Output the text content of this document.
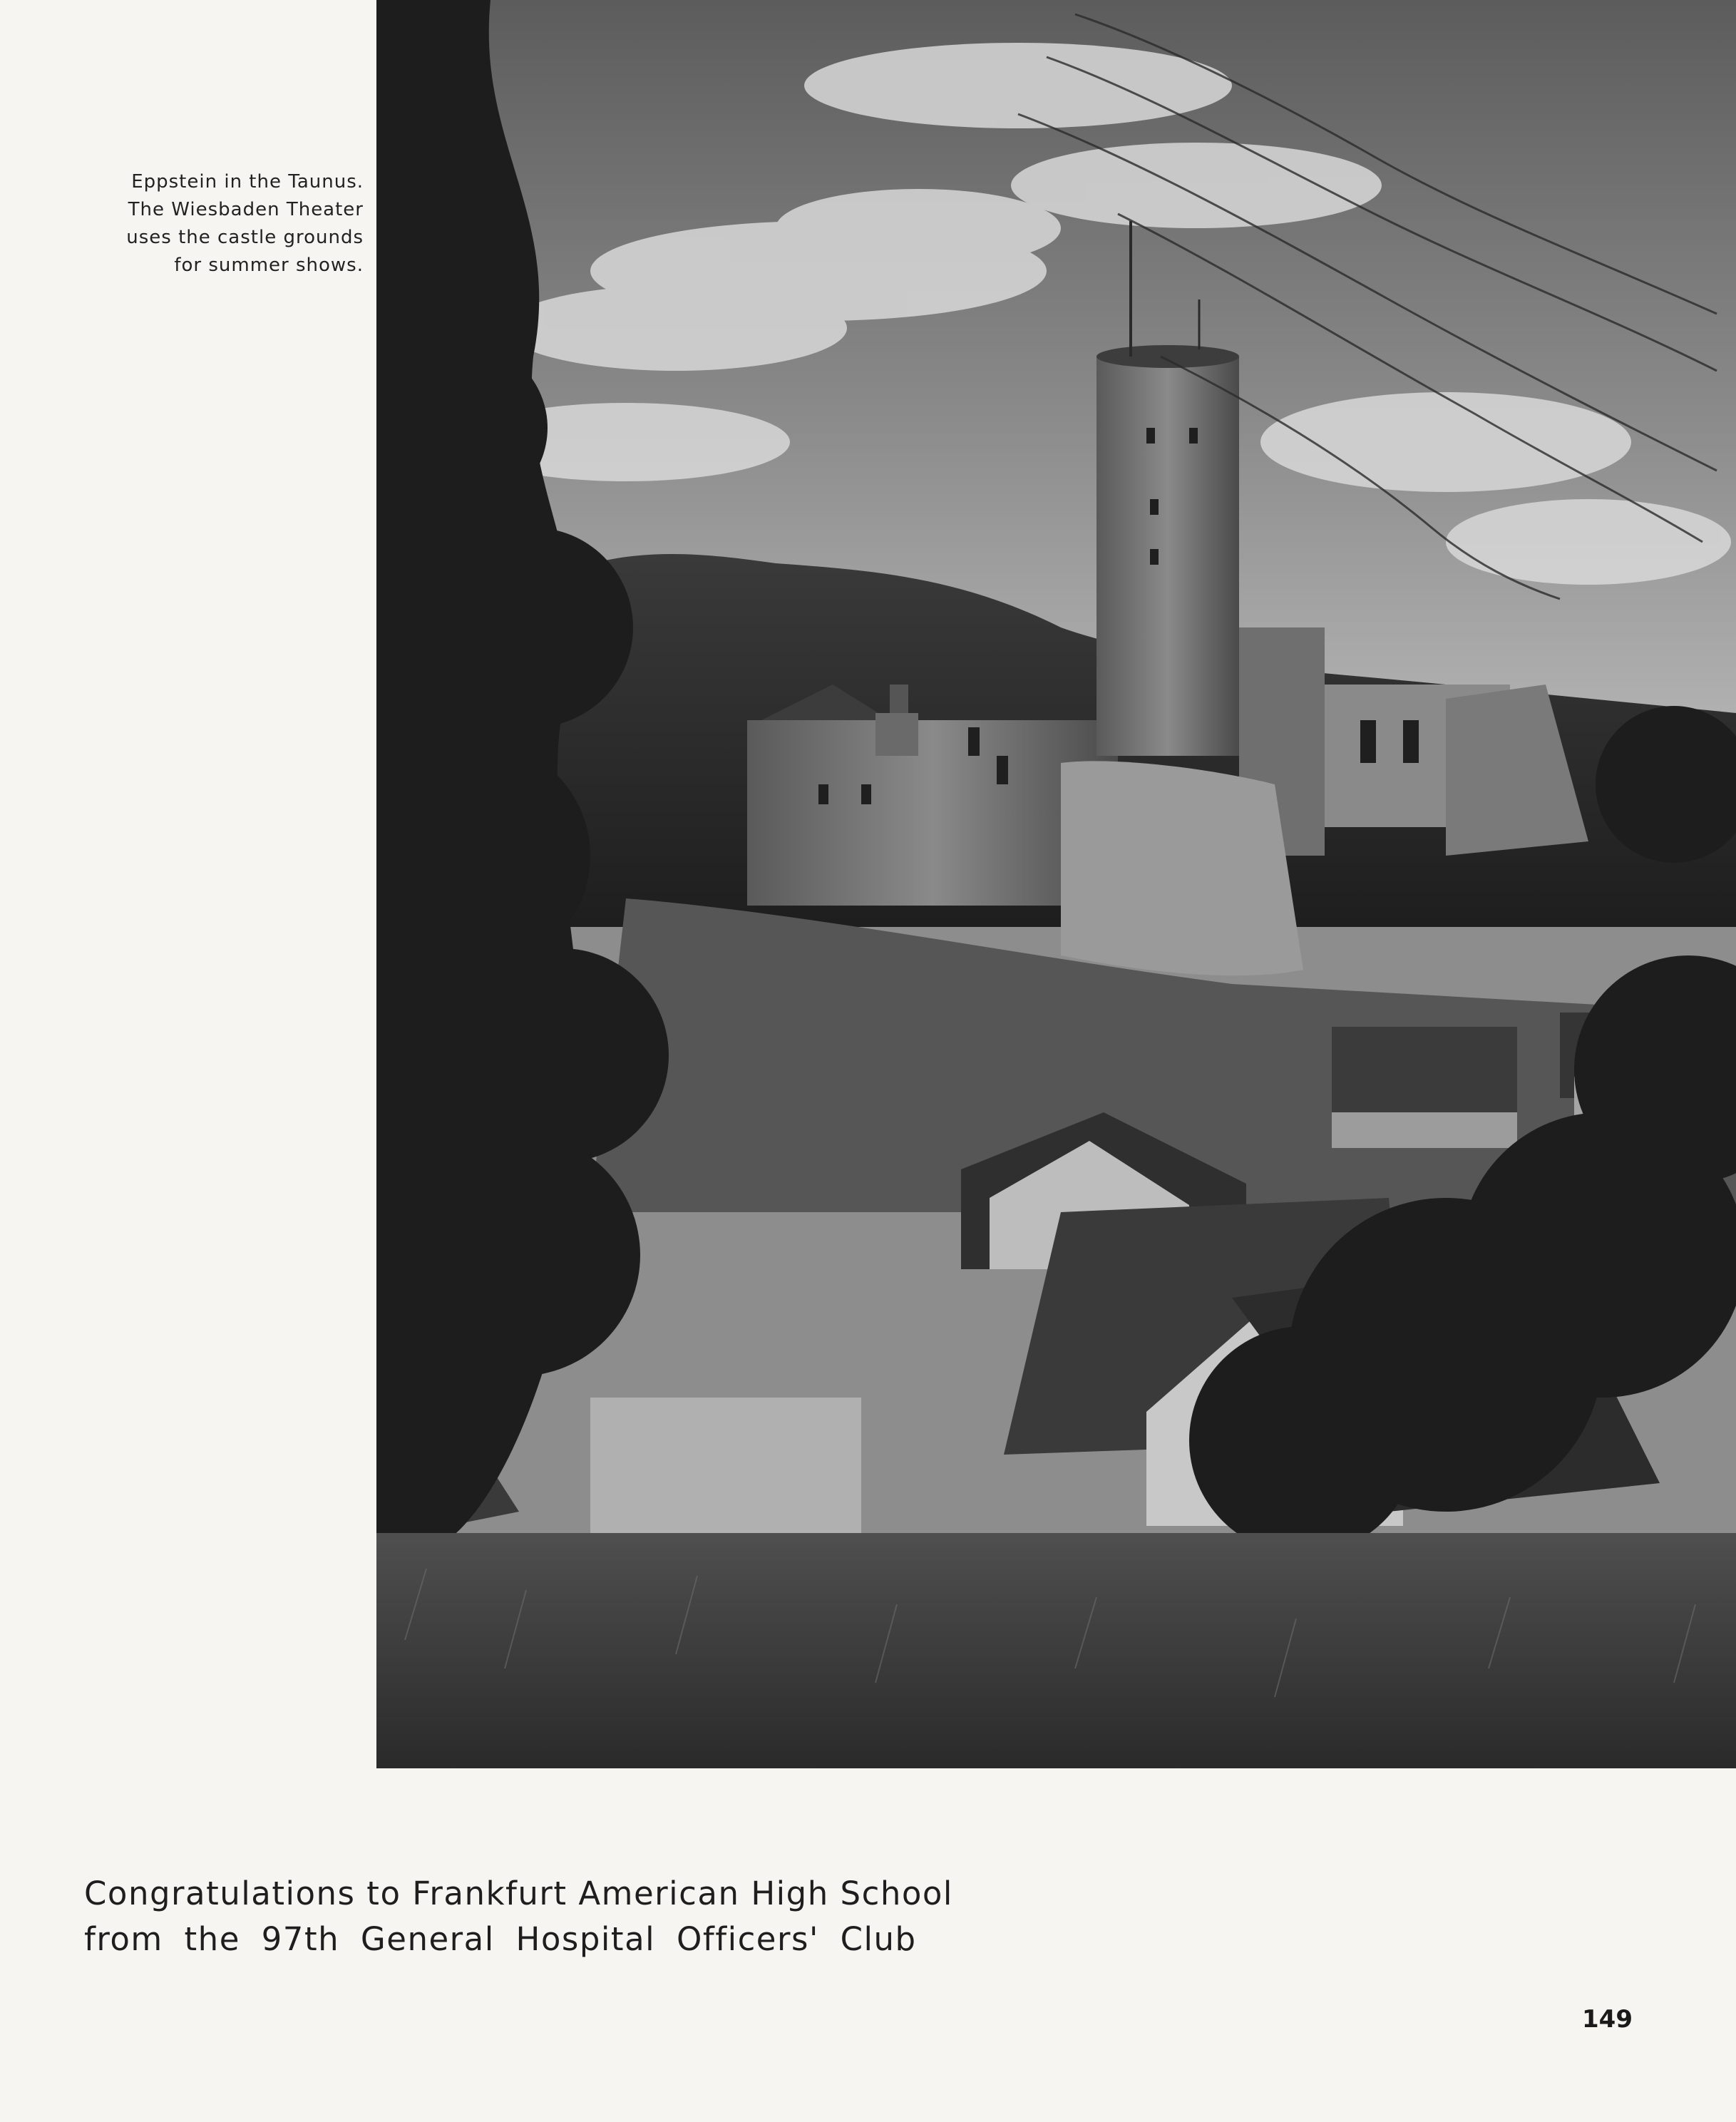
Eppstein in the Taunus.
The Wiesbaden Theater
uses the castle grounds
for summer shows.
Congratulations to Frankfurt American High School
from the 97th General Hospital Officers' Club
149
